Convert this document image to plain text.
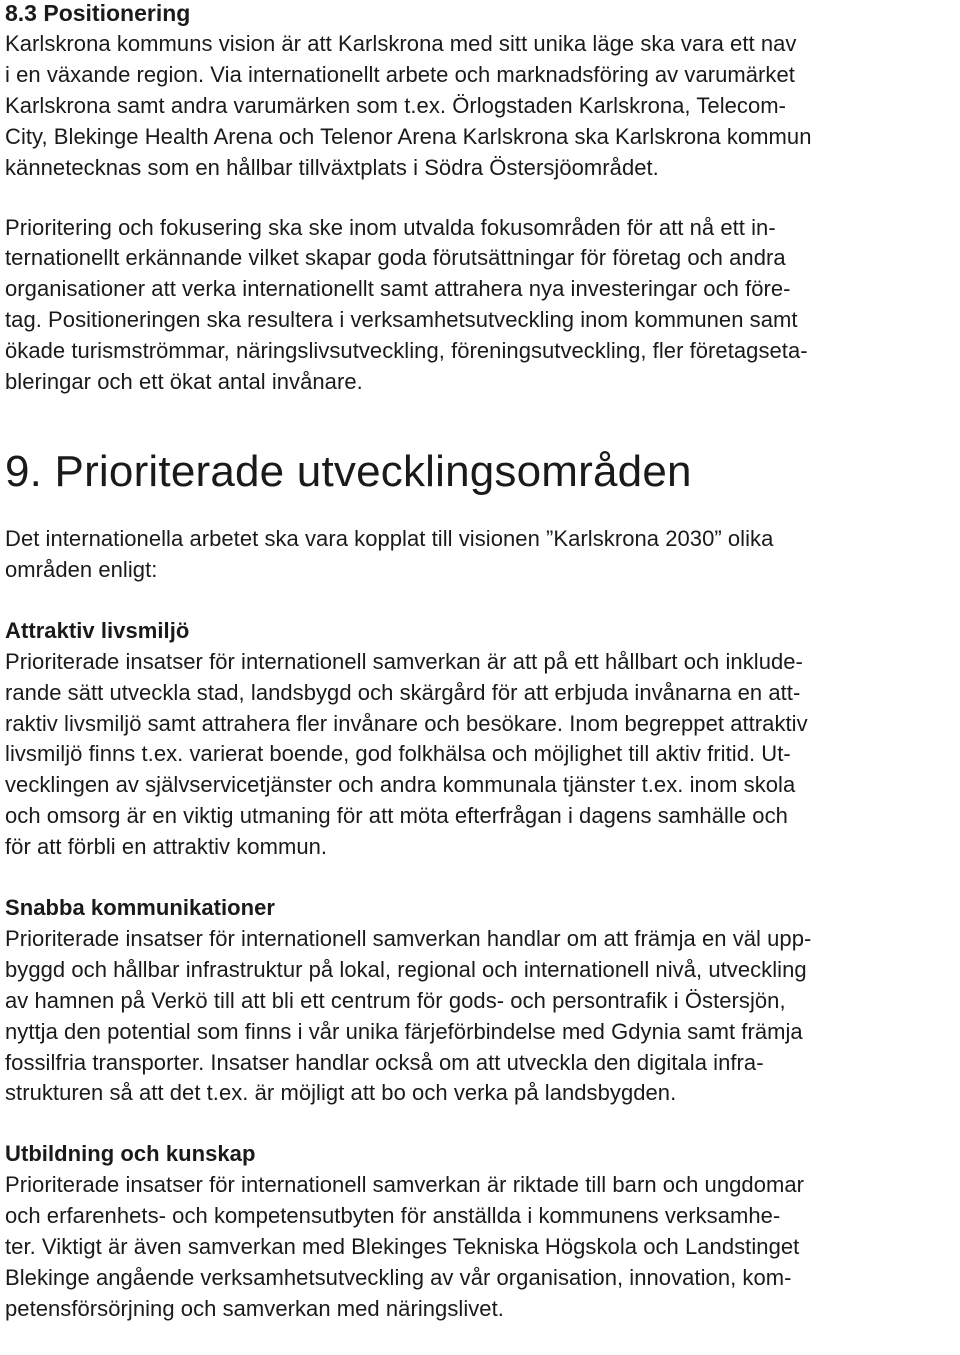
8.3 Positionering
Karlskrona kommuns vision är att Karlskrona med sitt unika läge ska vara ett nav
i en växande region. Via internationellt arbete och marknadsföring av varumärket
Karlskrona samt andra varumärken som t.ex. Örlogstaden Karlskrona, Telecom-
City, Blekinge Health Arena och Telenor Arena Karlskrona ska Karlskrona kommun
kännetecknas som en hållbar tillväxtplats i Södra Östersjöområdet.
Prioritering och fokusering ska ske inom utvalda fokusområden för att nå ett in-
ternationellt erkännande vilket skapar goda förutsättningar för företag och andra
organisationer att verka internationellt samt attrahera nya investeringar och före-
tag. Positioneringen ska resultera i verksamhetsutveckling inom kommunen samt
ökade turismströmmar, näringslivsutveckling, föreningsutveckling, fler företagseta-
bleringar och ett ökat antal invånare.
9. Prioriterade utvecklingsområden
Det internationella arbetet ska vara kopplat till visionen ”Karlskrona 2030” olika
områden enligt:
Attraktiv livsmiljö
Prioriterade insatser för internationell samverkan är att på ett hållbart och inklude-
rande sätt utveckla stad, landsbygd och skärgård för att erbjuda invånarna en att-
raktiv livsmiljö samt attrahera fler invånare och besökare. Inom begreppet attraktiv
livsmiljö finns t.ex. varierat boende, god folkhälsa och möjlighet till aktiv fritid. Ut-
vecklingen av självservicetjänster och andra kommunala tjänster t.ex. inom skola
och omsorg är en viktig utmaning för att möta efterfrågan i dagens samhälle och
för att förbli en attraktiv kommun.
Snabba kommunikationer
Prioriterade insatser för internationell samverkan handlar om att främja en väl upp-
byggd och hållbar infrastruktur på lokal, regional och internationell nivå, utveckling
av hamnen på Verkö till att bli ett centrum för gods- och persontrafik i Östersjön,
nyttja den potential som finns i vår unika färjeförbindelse med Gdynia samt främja
fossilfria transporter. Insatser handlar också om att utveckla den digitala infra-
strukturen så att det t.ex. är möjligt att bo och verka på landsbygden.
Utbildning och kunskap
Prioriterade insatser för internationell samverkan är riktade till barn och ungdomar
och erfarenhets- och kompetensutbyten för anställda i kommunens verksamhe-
ter. Viktigt är även samverkan med Blekinges Tekniska Högskola och Landstinget
Blekinge angående verksamhetsutveckling av vår organisation, innovation, kom-
petensförsörjning och samverkan med näringslivet.
